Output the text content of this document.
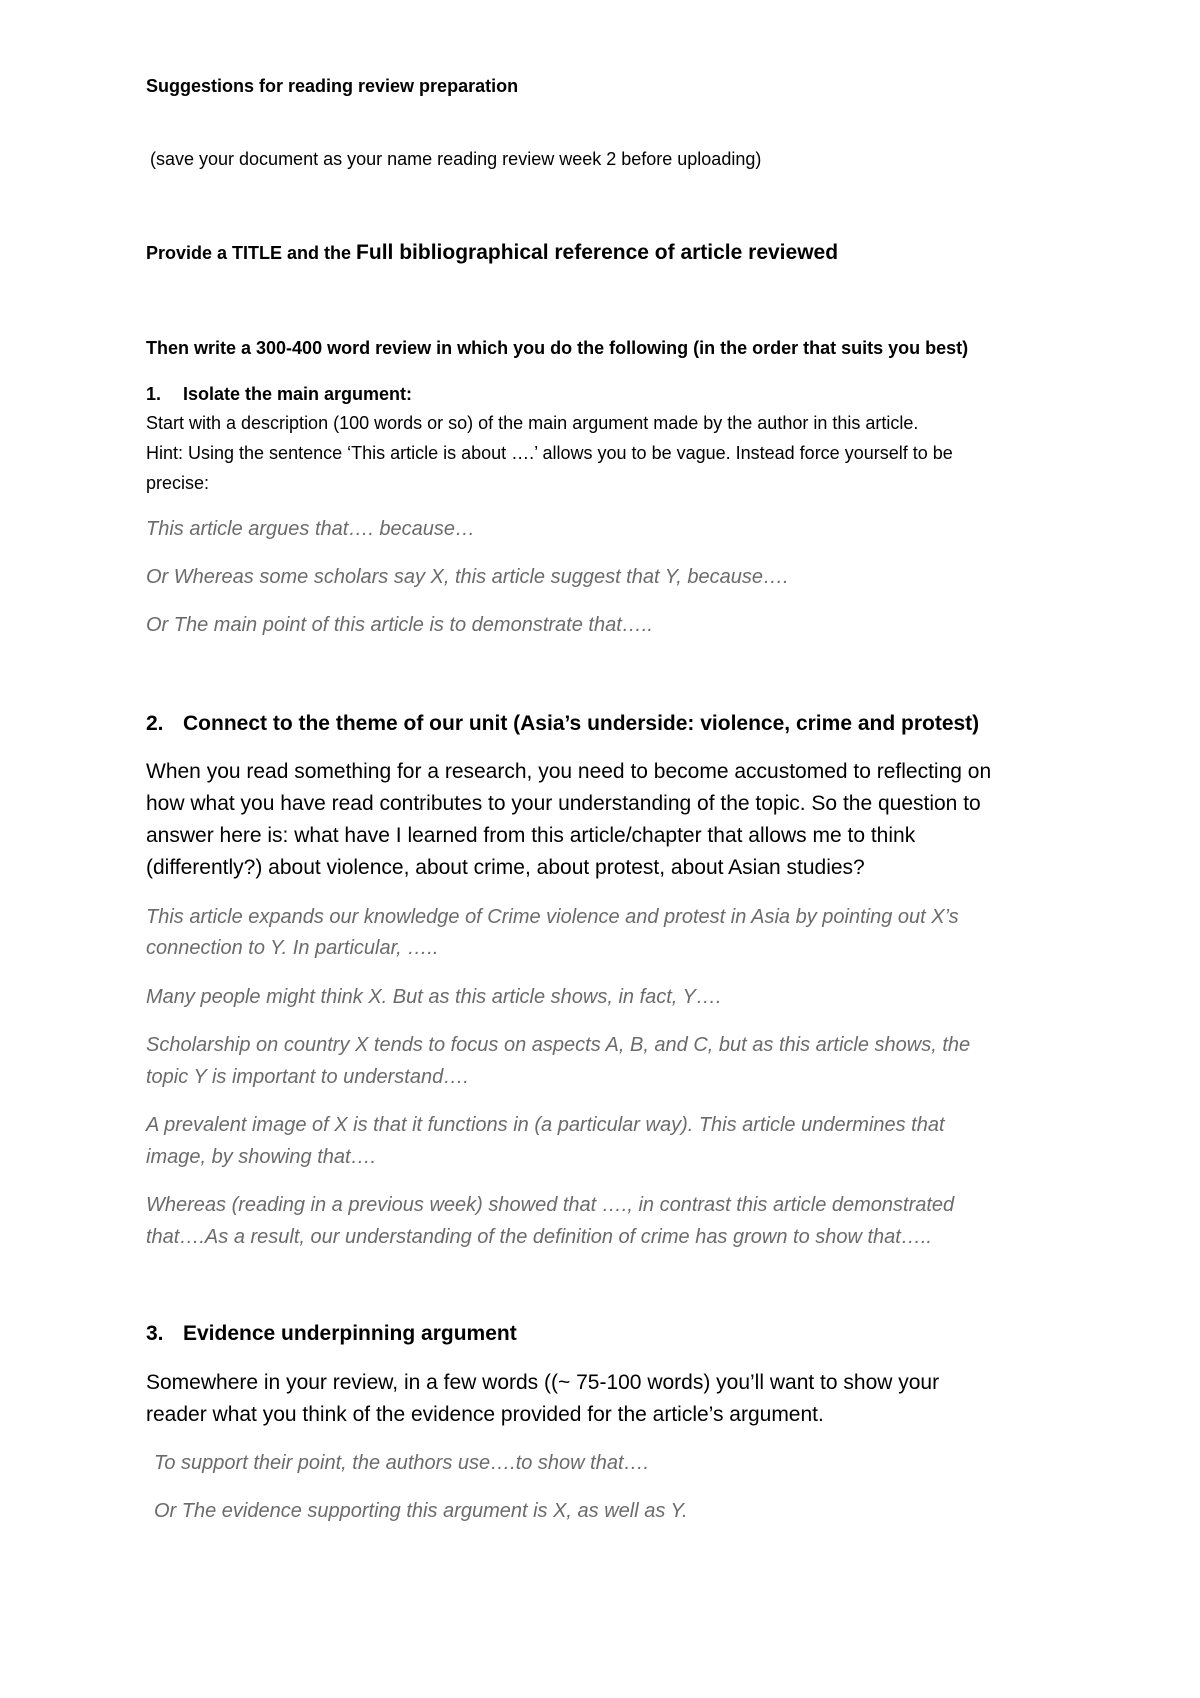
Suggestions for reading review preparation

(save your document as your name reading review week 2 before uploading)

Provide a TITLE and the Full bibliographical reference of article reviewed

Then write a 300-400 word review in which you do the following (in the order that suits you best)

1. Isolate the main argument:

Start with a description (100 words or so) of the main argument made by the author in this article.

Hint: Using the sentence ‘This article is about ….’ allows you to be vague. Instead force yourself to be

precise:

This article argues that…. because…

Or Whereas some scholars say X, this article suggest that Y, because….

Or The main point of this article is to demonstrate that…..

2. Connect to the theme of our unit (Asia’s underside: violence, crime and protest)

When you read something for a research, you need to become accustomed to reflecting on

how what you have read contributes to your understanding of the topic. So the question to

answer here is: what have I learned from this article/chapter that allows me to think

(differently?) about violence, about crime, about protest, about Asian studies?

This article expands our knowledge of Crime violence and protest in Asia by pointing out X’s

connection to Y. In particular, …..

Many people might think X. But as this article shows, in fact, Y….

Scholarship on country X tends to focus on aspects A, B, and C, but as this article shows, the

topic Y is important to understand….

A prevalent image of X is that it functions in (a particular way). This article undermines that

image, by showing that….

Whereas (reading in a previous week) showed that …., in contrast this article demonstrated

that….As a result, our understanding of the definition of crime has grown to show that…..

3. Evidence underpinning argument

Somewhere in your review, in a few words ((~ 75-100 words) you’ll want to show your

reader what you think of the evidence provided for the article’s argument.

To support their point, the authors use….to show that….

Or The evidence supporting this argument is X, as well as Y.
